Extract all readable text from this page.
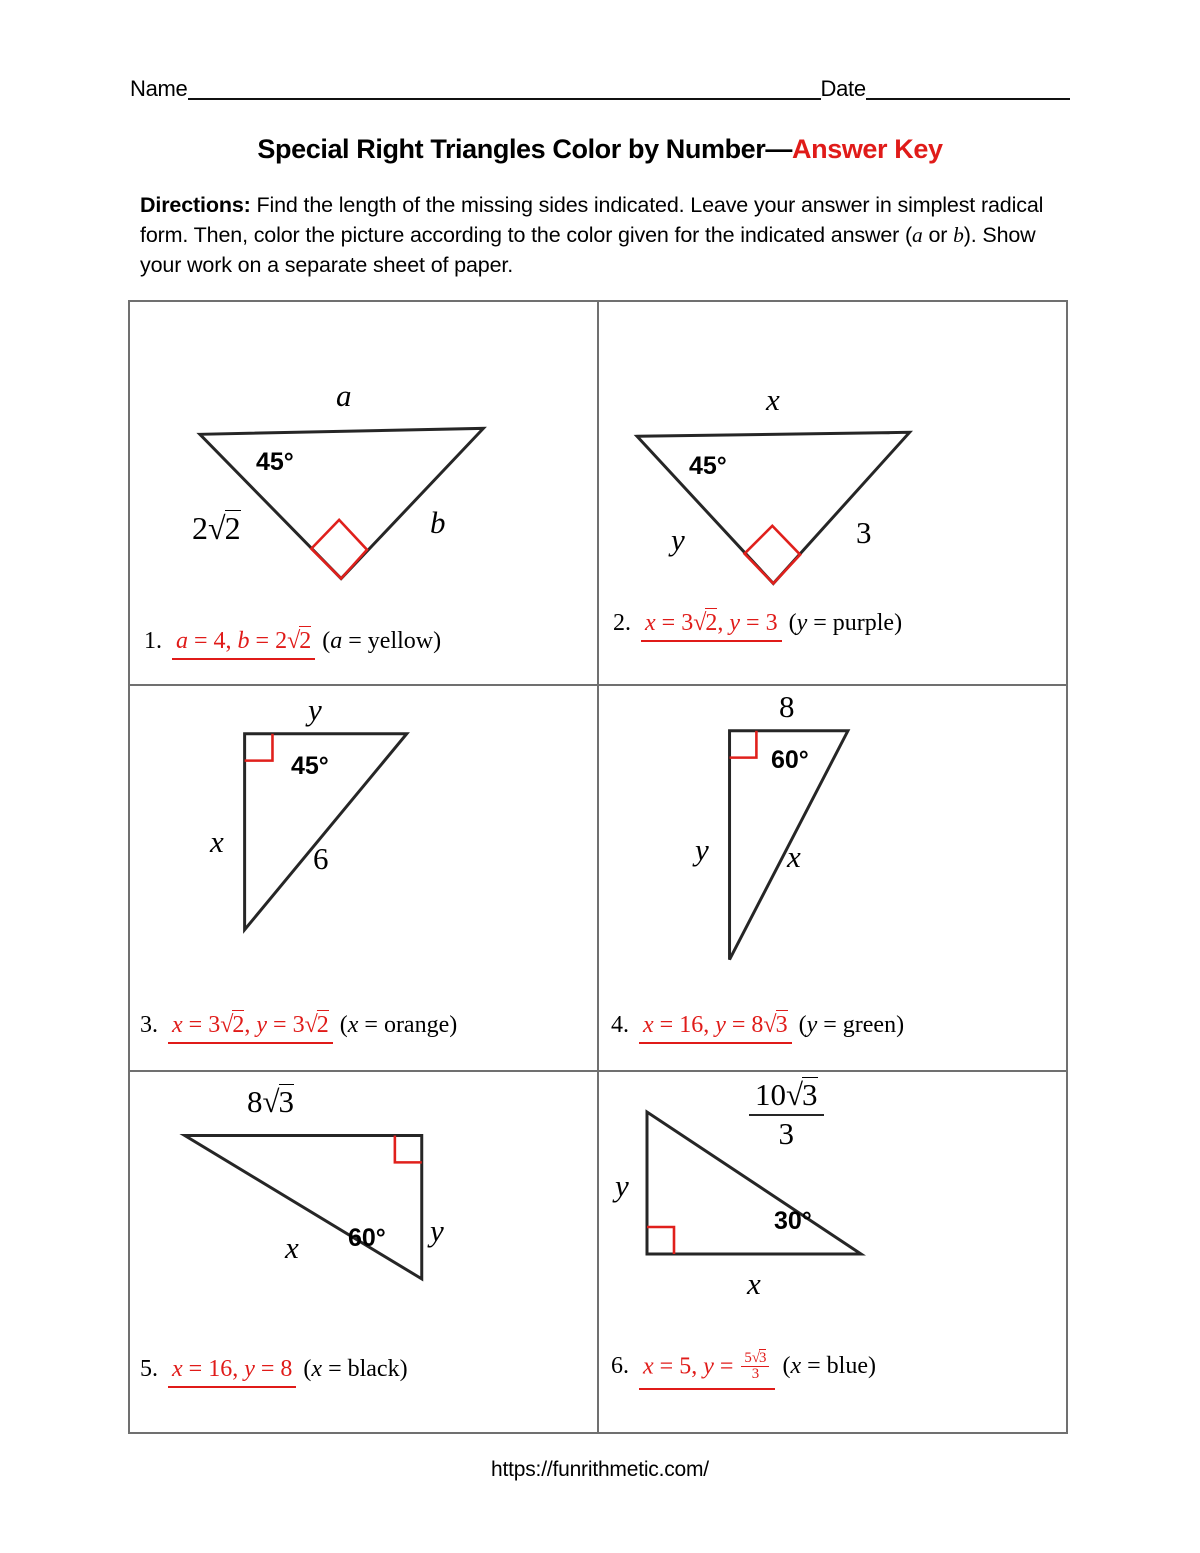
Name	Date
Special Right Triangles Color by Number—Answer Key
Directions: Find the length of the missing sides indicated. Leave your answer in simplest radical form. Then, color the picture according to the color given for the indicated answer (a or b). Show your work on a separate sheet of paper.
a
45°
2√2	b
1. a = 4, b = 2√2 (a = yellow)
x
45°
y	3
2. x = 3√2, y = 3 (y = purple)
y
45°
x	6
3. x = 3√2, y = 3√2 (x = orange)
8
60°
y	x
4. x = 16, y = 8√3 (y = green)
8√3
60° y
x
5. x = 16, y = 8 (x = black)
$\frac{10√3}{3}$
y
30°
x
6. x = 5, $y = \frac{5√3}{3} (x$ = blue)
https://funrithmetic.com/
